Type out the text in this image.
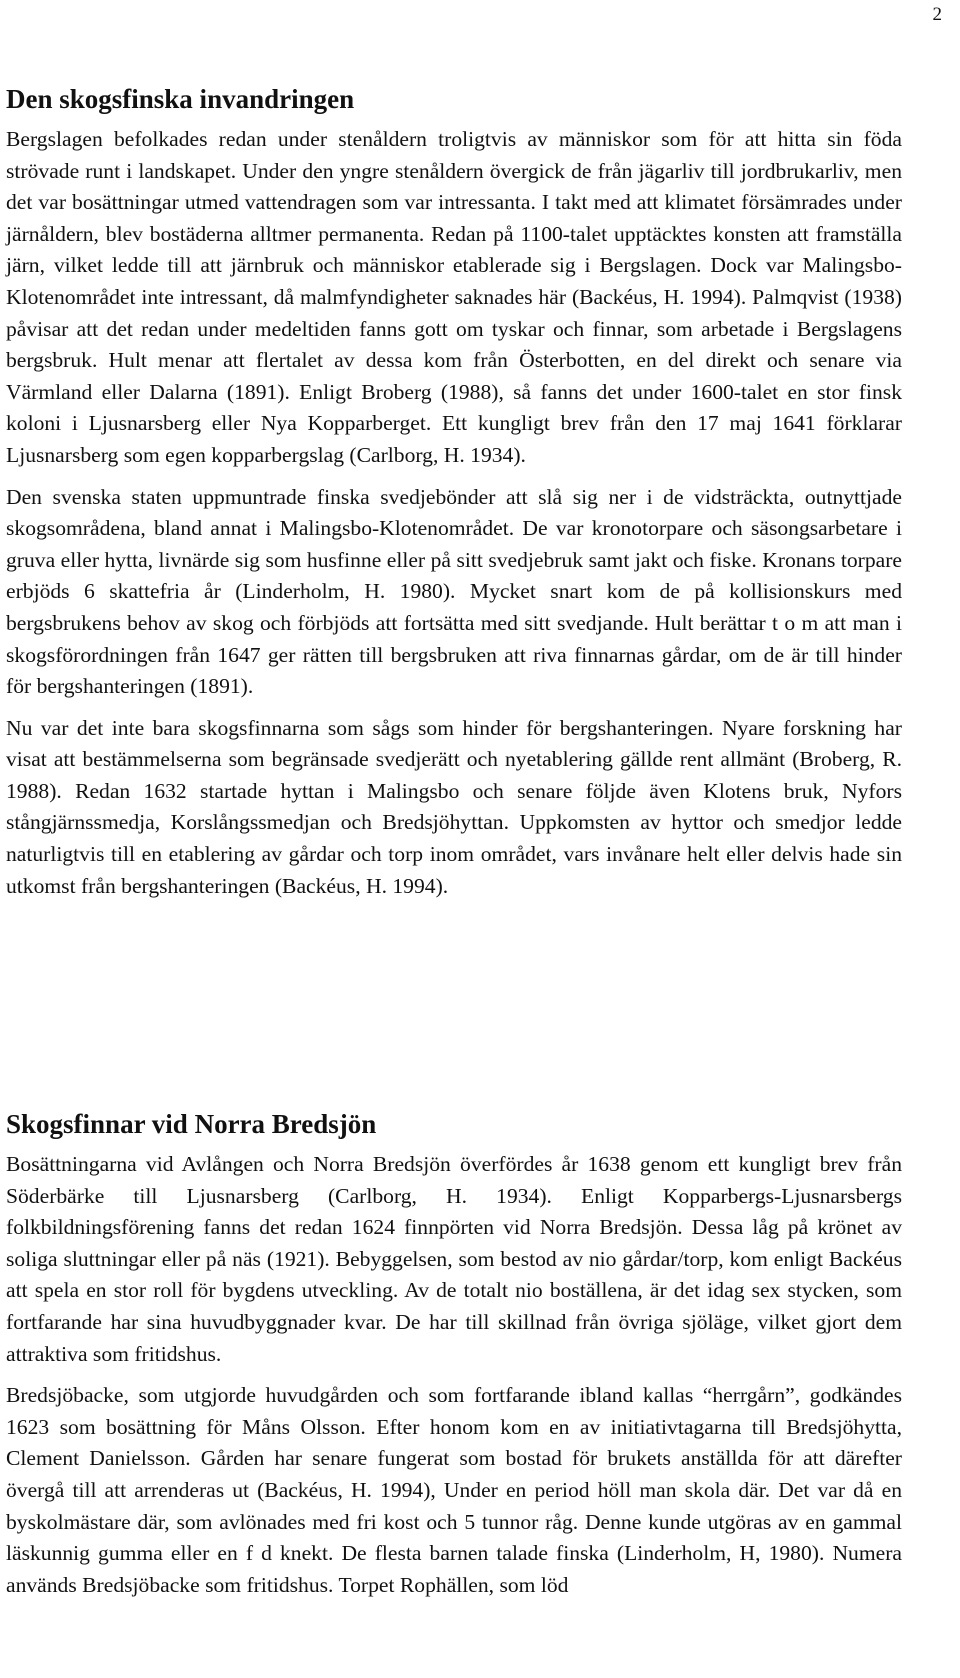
2
Den skogsfinska invandringen

Bergslagen befolkades redan under stenåldern troligtvis av människor som för att hitta sin föda strövade runt i landskapet. Under den yngre stenåldern övergick de från jägarliv till jordbrukarliv, men det var bosättningar utmed vattendragen som var intressanta. I takt med att klimatet försämrades under järnåldern, blev bostäderna alltmer permanenta. Redan på 1100-talet upptäcktes konsten att framställa järn, vilket ledde till att järnbruk och människor etablerade sig i Bergslagen. Dock var Malingsbo-Klotenområdet inte intressant, då malmfyndigheter saknades här (Backéus, H. 1994). Palmqvist (1938) påvisar att det redan under medeltiden fanns gott om tyskar och finnar, som arbetade i Bergslagens bergsbruk. Hult menar att flertalet av dessa kom från Österbotten, en del direkt och senare via Värmland eller Dalarna (1891). Enligt Broberg (1988), så fanns det under 1600-talet en stor finsk koloni i Ljusnarsberg eller Nya Kopparberget. Ett kungligt brev från den 17 maj 1641 förklarar Ljusnarsberg som egen kopparbergslag (Carlborg, H. 1934).

Den svenska staten uppmuntrade finska svedjebönder att slå sig ner i de vidsträckta, outnyttjade skogsområdena, bland annat i Malingsbo-Klotenområdet. De var kronotorpare och säsongsarbetare i gruva eller hytta, livnärde sig som husfinne eller på sitt svedjebruk samt jakt och fiske. Kronans torpare erbjöds 6 skattefria år (Linderholm, H. 1980). Mycket snart kom de på kollisionskurs med bergsbrukens behov av skog och förbjöds att fortsätta med sitt svedjande. Hult berättar t o m att man i skogsförordningen från 1647 ger rätten till bergsbruken att riva finnarnas gårdar, om de är till hinder för bergshanteringen (1891).

Nu var det inte bara skogsfinnarna som sågs som hinder för bergshanteringen. Nyare forskning har visat att bestämmelserna som begränsade svedjerätt och nyetablering gällde rent allmänt (Broberg, R. 1988). Redan 1632 startade hyttan i Malingsbo och senare följde även Klotens bruk, Nyfors stångjärnssmedja, Korslångssmedjan och Bredsjöhyttan. Uppkomsten av hyttor och smedjor ledde naturligtvis till en etablering av gårdar och torp inom området, vars invånare helt eller delvis hade sin utkomst från bergshanteringen (Backéus, H. 1994).

Skogsfinnar vid Norra Bredsjön

Bosättningarna vid Avlången och Norra Bredsjön överfördes år 1638 genom ett kungligt brev från Söderbärke till Ljusnarsberg (Carlborg, H. 1934). Enligt Kopparbergs-Ljusnarsbergs folkbildningsförening fanns det redan 1624 finnpörten vid Norra Bredsjön. Dessa låg på krönet av soliga sluttningar eller på näs (1921). Bebyggelsen, som bestod av nio gårdar/torp, kom enligt Backéus att spela en stor roll för bygdens utveckling. Av de totalt nio boställena, är det idag sex stycken, som fortfarande har sina huvudbyggnader kvar. De har till skillnad från övriga sjöläge, vilket gjort dem attraktiva som fritidshus.

Bredsjöbacke, som utgjorde huvudgården och som fortfarande ibland kallas “herrgårn”, godkändes 1623 som bosättning för Måns Olsson. Efter honom kom en av initiativtagarna till Bredsjöhytta, Clement Danielsson. Gården har senare fungerat som bostad för brukets anställda för att därefter övergå till att arrenderas ut (Backéus, H. 1994), Under en period höll man skola där. Det var då en byskolmästare där, som avlönades med fri kost och 5 tunnor råg. Denne kunde utgöras av en gammal läskunnig gumma eller en f d knekt. De flesta barnen talade finska (Linderholm, H, 1980). Numera används Bredsjöbacke som fritidshus. Torpet Rophällen, som löd
